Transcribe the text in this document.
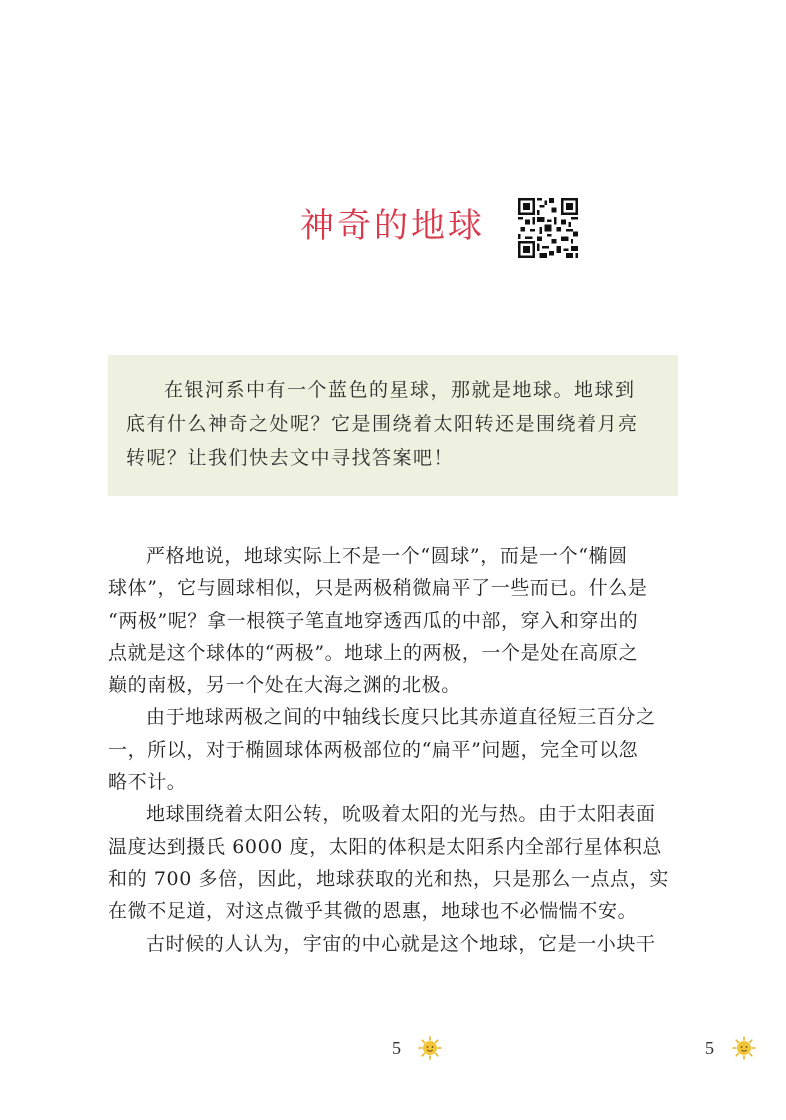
神奇的地球
在银河系中有一个蓝色的星球，那就是地球。地球到
底有什么神奇之处呢？它是围绕着太阳转还是围绕着月亮
转呢？让我们快去文中寻找答案吧！
严格地说，地球实际上不是一个“圆球”，而是一个“椭圆
球体”，它与圆球相似，只是两极稍微扁平了一些而已。什么是
“两极”呢？拿一根筷子笔直地穿透西瓜的中部，穿入和穿出的
点就是这个球体的“两极”。地球上的两极，一个是处在高原之
巅的南极，另一个处在大海之渊的北极。
由于地球两极之间的中轴线长度只比其赤道直径短三百分之
一，所以，对于椭圆球体两极部位的“扁平”问题，完全可以忽
略不计。
地球围绕着太阳公转，吮吸着太阳的光与热。由于太阳表面
温度达到摄氏 6000 度，太阳的体积是太阳系内全部行星体积总
和的 700 多倍，因此，地球获取的光和热，只是那么一点点，实
在微不足道，对这点微乎其微的恩惠，地球也不必惴惴不安。
古时候的人认为，宇宙的中心就是这个地球，它是一小块干
5	5
